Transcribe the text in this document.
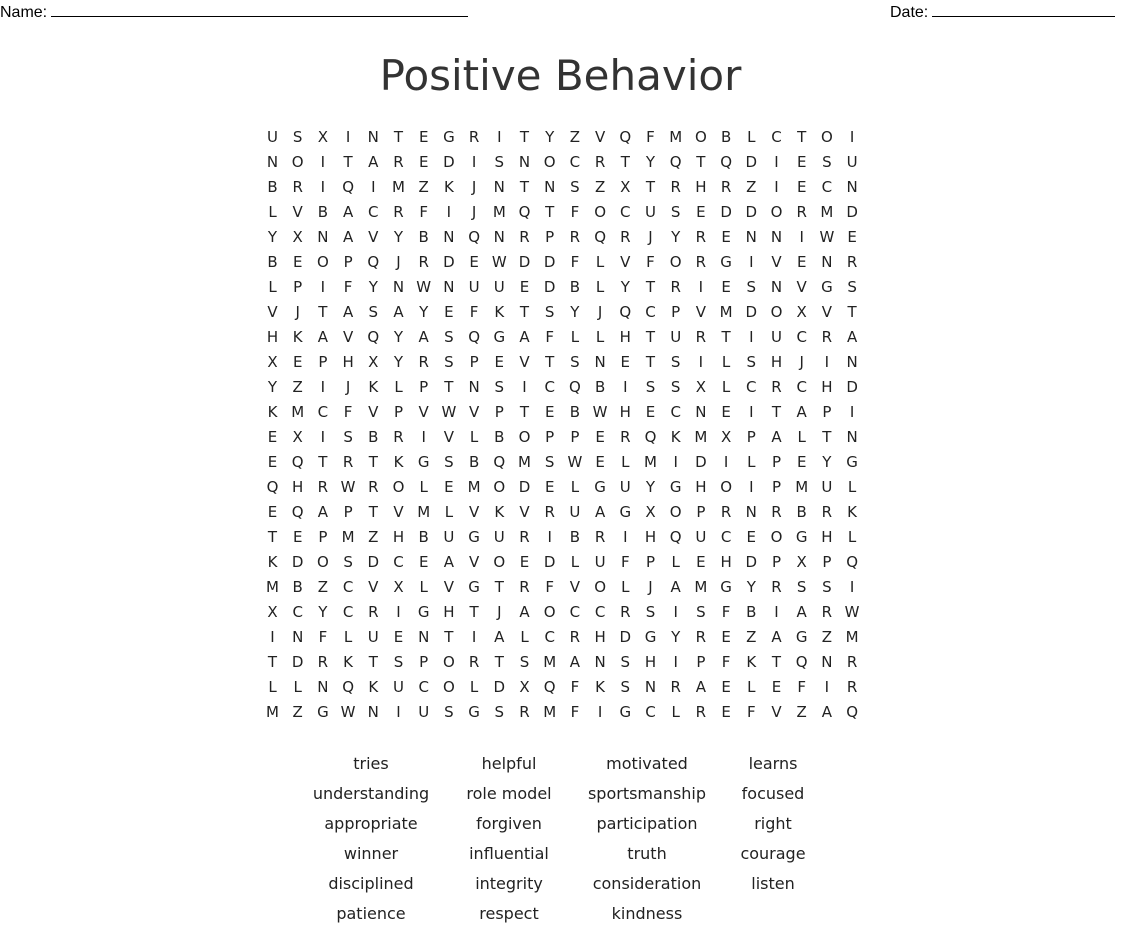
Name:	Date:
Positive Behavior
U S	X	I	N	T	E G R	I	T	Y	Z V Q F M O B	L	C	T O	I
N O	I	T	A R	E D	I	S N O C R	T	Y Q T Q D	I	E	S U
B R	I	Q	I	M Z	K	J	N	T N S	Z X	T	R H R Z	I	E	C N
L	V B A C R	F	I	J	M Q T	F O C U S	E D D O R M D
Y	X N A V	Y	B N Q N R	P	R Q R	J	Y	R	E N N	I	W E
B	E O P Q	J	R D E W D D	F	L	V	F O R G	I	V	E N R
L	P	I	F	Y	N W N U U E D B	L	Y	T	R	I	E	S N V G S
V	J	T	A	S	A	Y	E	F	K	T	S	Y	J	Q C	P	V M D O X V	T
H K	A V Q Y	A	S Q G A	F	L	L	H T	U R	T	I	U C R A
X	E	P	H X	Y	R	S	P	E	V	T	S N E	T	S	I	L	S H	J	I	N
Y	Z	I	J	K	L	P	T	N S	I	C Q B	I	S	S	X	L	C R C H D
K M C	F	V	P	V W V	P	T	E	B W H E	C N E	I	T	A	P	I
E	X	I	S	B R	I	V	L	B O P	P	E	R Q K M X	P	A	L	T	N
E Q T	R	T	K G S	B Q M S W E	L M	I	D	I	L	P	E	Y G
Q H R W R O	L	E M O D E	L	G U	Y G H O	I	P M U	L
E Q A	P	T	V M L	V	K	V R U A G X O P	R N R B R	K
T	E	P M Z H B U G U R	I	B R	I	H Q U C	E O G H	L
K D O S D C	E	A V O E D	L	U	F	P	L	E H D P	X	P Q
M B Z C V X	L	V G T	R	F	V O	L	J	A M G Y	R	S	S	I
X C	Y	C R	I	G H T	J	A O C C R	S	I	S	F	B	I	A R W
I	N	F	L	U E N	T	I	A	L	C R H D G Y	R	E	Z A G Z M
T D R	K	T	S	P O R	T	S M A N S H	I	P	F	K	T Q N R
L	L	N Q K U C O	L	D X Q F	K	S N R A	E	L	E	F	I	R
M Z G W N	I	U S G S	R M F	I	G C	L	R	E	F	V Z A Q
tries	helpful	motivated	learns
understanding	role model	sportsmanship	focused
appropriate	forgiven	participation	right
winner	influential	truth	courage
disciplined	integrity	consideration	listen
patience	respect	kindness
